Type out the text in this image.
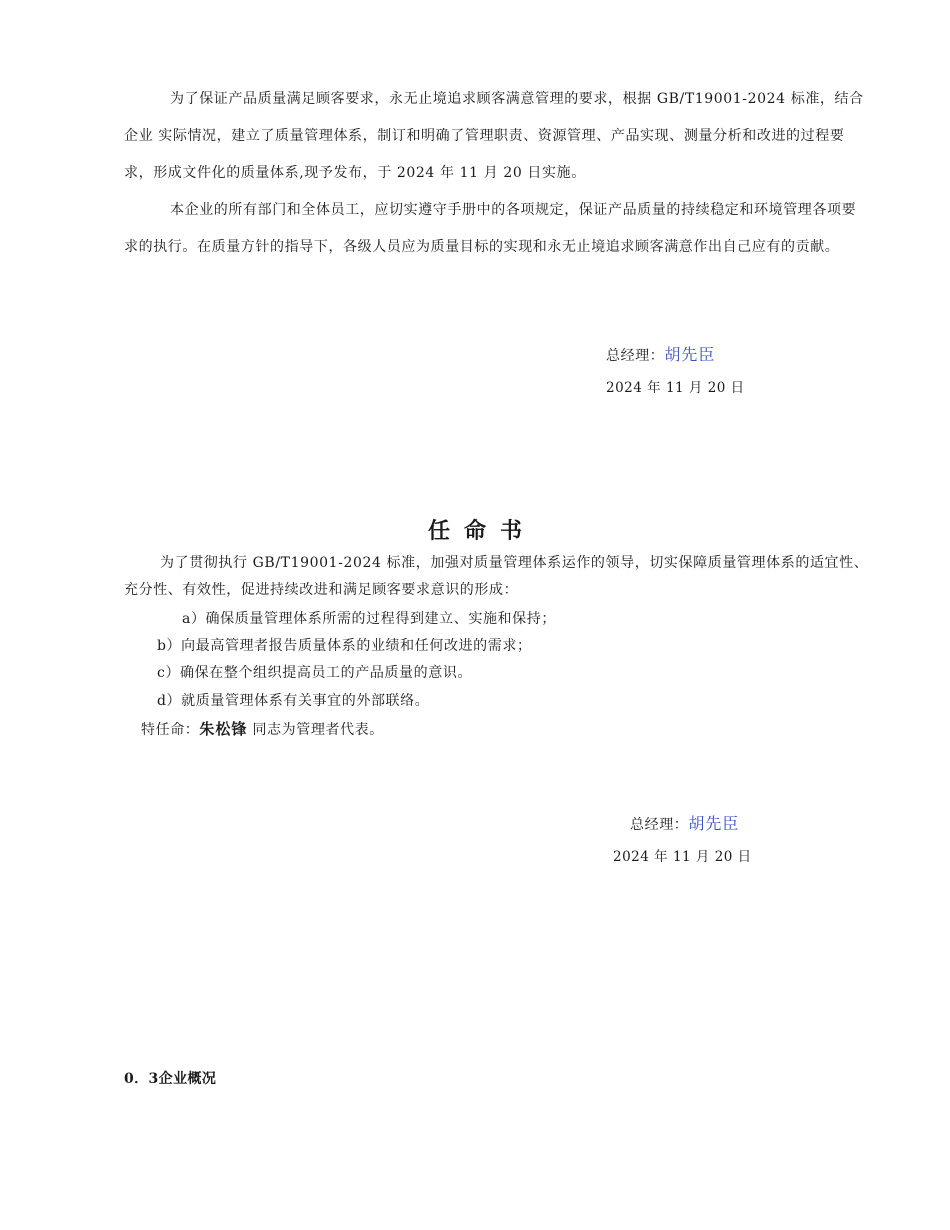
为了保证产品质量满足顾客要求，永无止境追求顾客满意管理的要求，根据 GB/T19001-2024 标准，结合企业 实际情况，建立了质量管理体系，制订和明确了管理职责、资源管理、产品实现、测量分析和改进的过程要求，形成文件化的质量体系,现予发布，于 2024 年 11 月 20 日实施。

本企业的所有部门和全体员工，应切实遵守手册中的各项规定，保证产品质量的持续稳定和环境管理各项要求的执行。在质量方针的指导下，各级人员应为质量目标的实现和永无止境追求顾客满意作出自己应有的贡献。

总经理：胡先臣
2024 年 11 月 20 日
任命书

为了贯彻执行 GB/T19001-2024 标准，加强对质量管理体系运作的领导，切实保障质量管理体系的适宜性、充分性、有效性，促进持续改进和满足顾客要求意识的形成：

a）确保质量管理体系所需的过程得到建立、实施和保持；
b）向最高管理者报告质量体系的业绩和任何改进的需求；
c）确保在整个组织提高员工的产品质量的意识。
d）就质量管理体系有关事宜的外部联络。
特任命：朱松锋 同志为管理者代表。
总经理：胡先臣
2024 年 11 月 20 日
0．3企业概况
